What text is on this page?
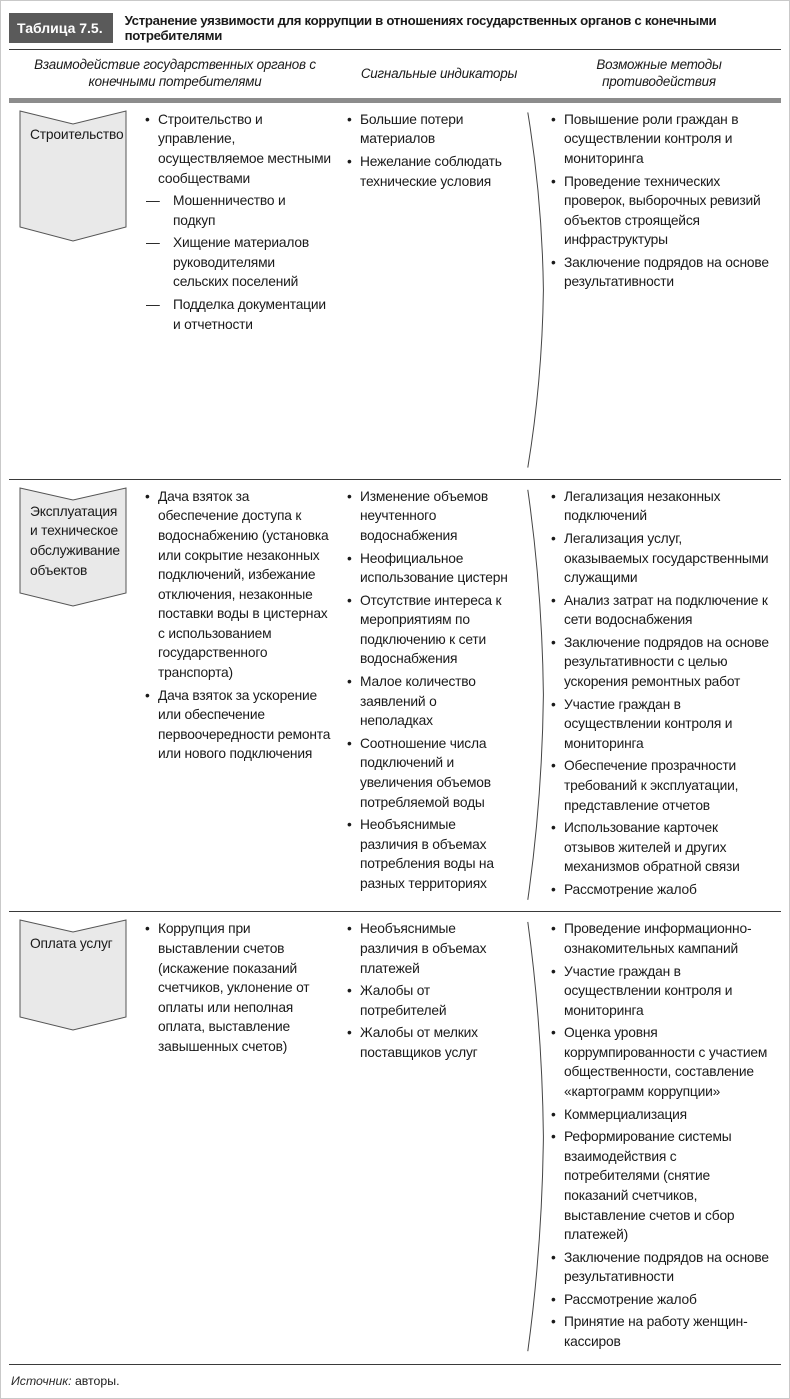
Таблица 7.5.	Устранение уязвимости для коррупции в отношениях государственных органов с конечными потребителями
Взаимодействие государственных органов с конечными потребителями
Сигнальные индикаторы
Возможные методы противодействия
Строительство
• Строительство и управление, осуществляемое местными сообществами
— Мошенничество и подкуп
— Хищение материалов руководителями сельских поселений
— Подделка документации и отчетности
• Большие потери материалов
• Нежелание соблюдать технические условия
• Повышение роли граждан в осуществлении контроля и мониторинга
• Проведение технических проверок, выборочных ревизий объектов строящейся инфраструктуры
• Заключение подрядов на основе результативности
Эксплуатация и техническое обслуживание объектов
• Дача взяток за обеспечение доступа к водоснабжению (установка или сокрытие незаконных подключений, избежание отключения, незаконные поставки воды в цистернах с использованием государственного транспорта)
• Дача взяток за ускорение или обеспечение первоочередности ремонта или нового подключения
• Изменение объемов неучтенного водоснабжения
• Неофициальное использование цистерн
• Отсутствие интереса к мероприятиям по подключению к сети водоснабжения
• Малое количество заявлений о неполадках
• Соотношение числа подключений и увеличения объемов потребляемой воды
• Необъяснимые различия в объемах потребления воды на разных территориях
• Легализация незаконных подключений
• Легализация услуг, оказываемых государственными служащими
• Анализ затрат на подключение к сети водоснабжения
• Заключение подрядов на основе результативности с целью ускорения ремонтных работ
• Участие граждан в осуществлении контроля и мониторинга
• Обеспечение прозрачности требований к эксплуатации, представление отчетов
• Использование карточек отзывов жителей и других механизмов обратной связи
• Рассмотрение жалоб
Оплата услуг
• Коррупция при выставлении счетов (искажение показаний счетчиков, уклонение от оплаты или неполная оплата, выставление завышенных счетов)
• Необъяснимые различия в объемах платежей
• Жалобы от потребителей
• Жалобы от мелких поставщиков услуг
• Проведение информационно-ознакомительных кампаний
• Участие граждан в осуществлении контроля и мониторинга
• Оценка уровня коррумпированности с участием общественности, составление «картограмм коррупции»
• Коммерциализация
• Реформирование системы взаимодействия с потребителями (снятие показаний счетчиков, выставление счетов и сбор платежей)
• Заключение подрядов на основе результативности
• Рассмотрение жалоб
• Принятие на работу женщин-кассиров
Источник: авторы.
